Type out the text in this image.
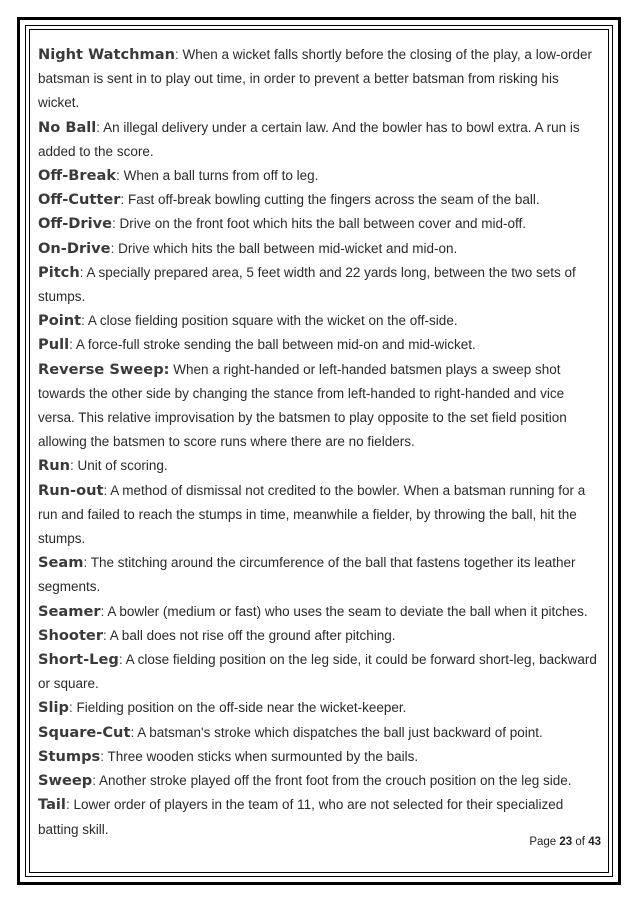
Night Watchman: When a wicket falls shortly before the closing of the play, a low-order batsman is sent in to play out time, in order to prevent a better batsman from risking his wicket.

No Ball: An illegal delivery under a certain law. And the bowler has to bowl extra. A run is added to the score.

Off-Break: When a ball turns from off to leg.

Off-Cutter: Fast off-break bowling cutting the fingers across the seam of the ball.

Off-Drive: Drive on the front foot which hits the ball between cover and mid-off.

On-Drive: Drive which hits the ball between mid-wicket and mid-on.

Pitch: A specially prepared area, 5 feet width and 22 yards long, between the two sets of stumps.

Point: A close fielding position square with the wicket on the off-side.

Pull: A force-full stroke sending the ball between mid-on and mid-wicket.

Reverse Sweep: When a right-handed or left-handed batsmen plays a sweep shot towards the other side by changing the stance from left-handed to right-handed and vice versa. This relative improvisation by the batsmen to play opposite to the set field position allowing the batsmen to score runs where there are no fielders.

Run: Unit of scoring.

Run-out: A method of dismissal not credited to the bowler. When a batsman running for a run and failed to reach the stumps in time, meanwhile a fielder, by throwing the ball, hit the stumps.

Seam: The stitching around the circumference of the ball that fastens together its leather segments.

Seamer: A bowler (medium or fast) who uses the seam to deviate the ball when it pitches.

Shooter: A ball does not rise off the ground after pitching.

Short-Leg: A close fielding position on the leg side, it could be forward short-leg, backward or square.

Slip: Fielding position on the off-side near the wicket-keeper.

Square-Cut: A batsman's stroke which dispatches the ball just backward of point.

Stumps: Three wooden sticks when surmounted by the bails.

Sweep: Another stroke played off the front foot from the crouch position on the leg side.

Tail: Lower order of players in the team of 11, who are not selected for their specialized batting skill.

Page 23 of 43
